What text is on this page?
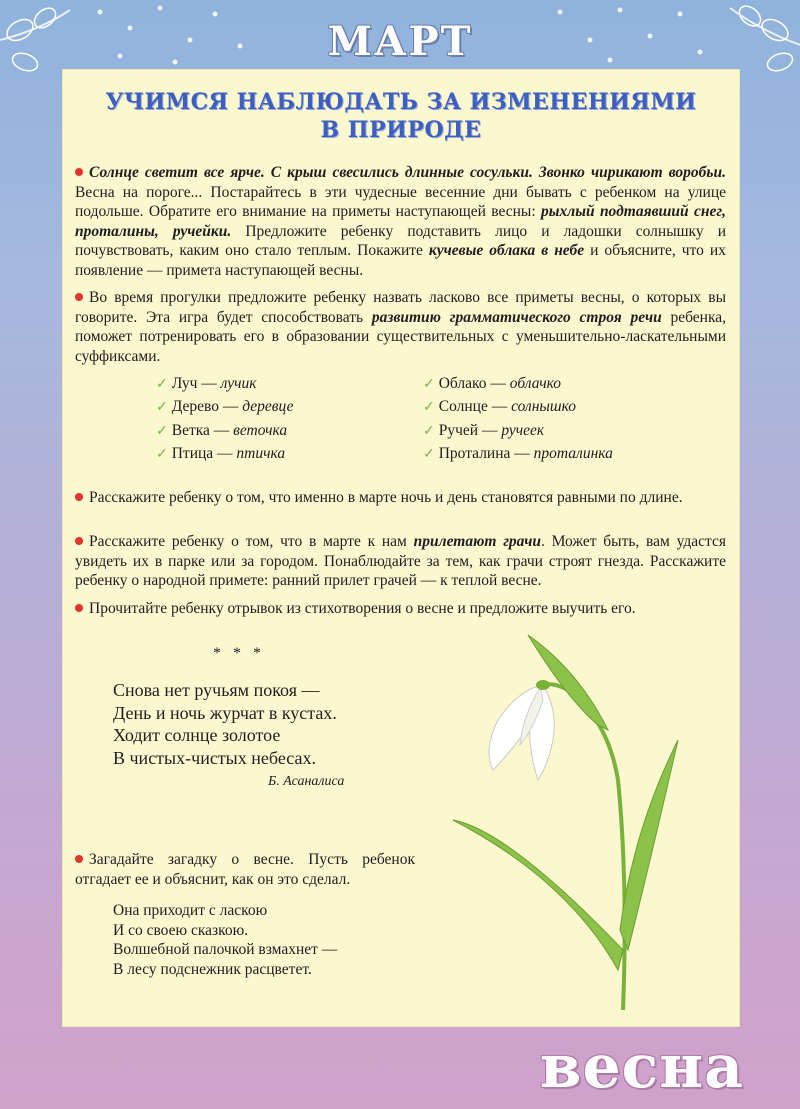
МАРТ
УЧИМСЯ НАБЛЮДАТЬ ЗА ИЗМЕНЕНИЯМИ
В ПРИРОДЕ
Солнце светит все ярче. С крыш свесились длинные сосульки. Звонко чирикают воробьи. Весна на пороге... Постарайтесь в эти чудесные весенние дни бывать с ребенком на улице подольше. Обратите его внимание на приметы наступающей весны: рыхлый подтаявший снег, проталины, ручейки. Предложите ребенку подставить лицо и ладошки солнышку и почувствовать, каким оно стало теплым. Покажите кучевые облака в небе и объясните, что их появление — примета наступающей весны.
Во время прогулки предложите ребенку назвать ласково все приметы весны, о которых вы говорите. Эта игра будет способствовать развитию грамматического строя речи ребенка, поможет потренировать его в образовании существительных с уменьшительно-ласкательными суффиксами.
✓ Луч — лучик
✓ Дерево — деревце
✓ Ветка — веточка
✓ Птица — птичка
✓ Облако — облачко
✓ Солнце — солнышко
✓ Ручей — ручеек
✓ Проталина — проталинка
Расскажите ребенку о том, что именно в марте ночь и день становятся равными по длине.
Расскажите ребенку о том, что в марте к нам прилетают грачи. Может быть, вам удастся увидеть их в парке или за городом. Понаблюдайте за тем, как грачи строят гнезда. Расскажите ребенку о народной примете: ранний прилет грачей — к теплой весне.
Прочитайте ребенку отрывок из стихотворения о весне и предложите выучить его.
* * *
Снова нет ручьям покоя —
День и ночь журчат в кустах.
Ходит солнце золотое
В чистых-чистых небесах.
Б. Асаналиса
Загадайте загадку о весне. Пусть ребенок отгадает ее и объяснит, как он это сделал.
Она приходит с ласкою
И со своею сказкою.
Волшебной палочкой взмахнет —
В лесу подснежник расцветет.
весна
